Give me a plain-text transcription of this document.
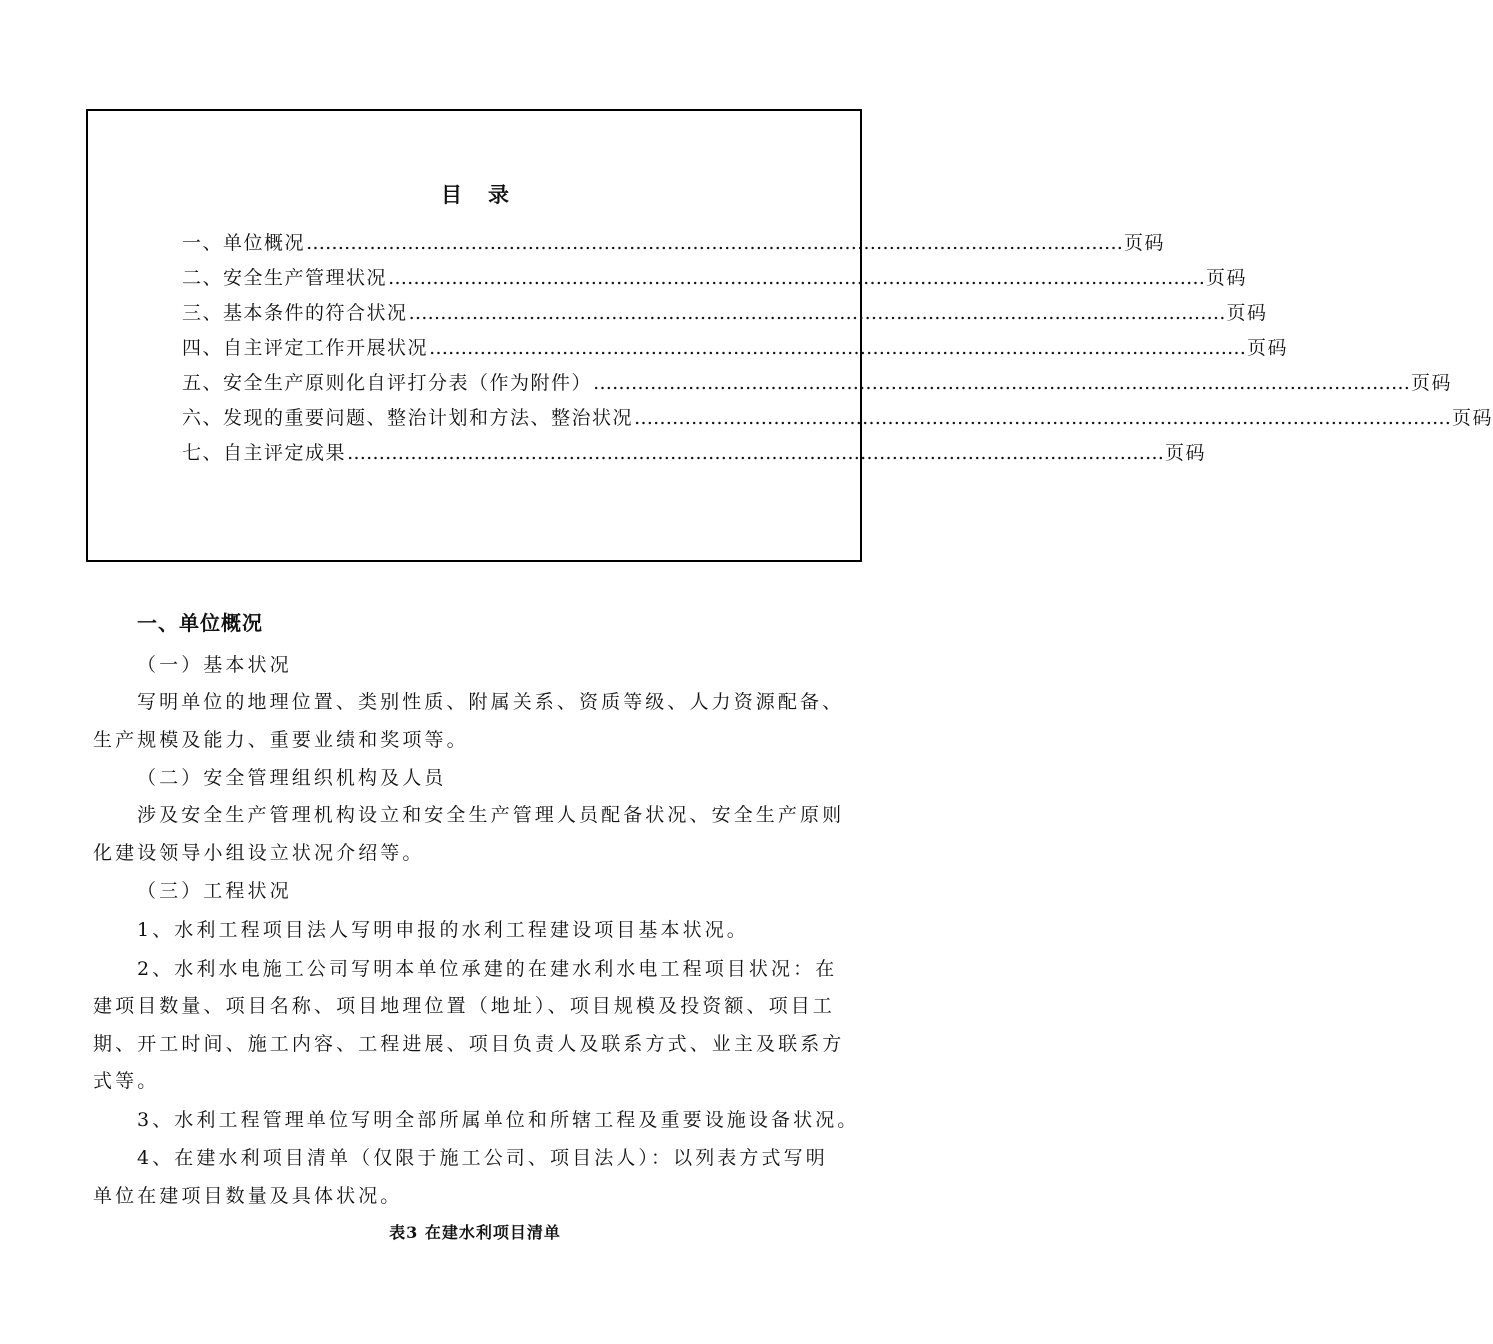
目录
一、单位概况 ………………………………………………………………………………………………………………… 页码
二、安全生产管理状况 ………………………………………………………………………………………………………………… 页码
三、基本条件的符合状况 ………………………………………………………………………………………………………………… 页码
四、自主评定工作开展状况 ………………………………………………………………………………………………………………… 页码
五、安全生产原则化自评打分表（作为附件） ………………………………………………………………………………………………………………… 页码
六、发现的重要问题、整治计划和方法、整治状况 ………………………………………………………………………………………………………………… 页码
七、自主评定成果 ………………………………………………………………………………………………………………… 页码
一、单位概况
（一）基本状况
写明单位的地理位置、类别性质、附属关系、资质等级、人力资源配备、
生产规模及能力、重要业绩和奖项等。
（二）安全管理组织机构及人员
涉及安全生产管理机构设立和安全生产管理人员配备状况、安全生产原则
化建设领导小组设立状况介绍等。
（三）工程状况
1、水利工程项目法人写明申报的水利工程建设项目基本状况。
2、水利水电施工公司写明本单位承建的在建水利水电工程项目状况：在
建项目数量、项目名称、项目地理位置（地址）、项目规模及投资额、项目工
期、开工时间、施工内容、工程进展、项目负责人及联系方式、业主及联系方
式等。
3、水利工程管理单位写明全部所属单位和所辖工程及重要设施设备状况。
4、在建水利项目清单（仅限于施工公司、项目法人）：以列表方式写明
单位在建项目数量及具体状况。
表3 在建水利项目清单
